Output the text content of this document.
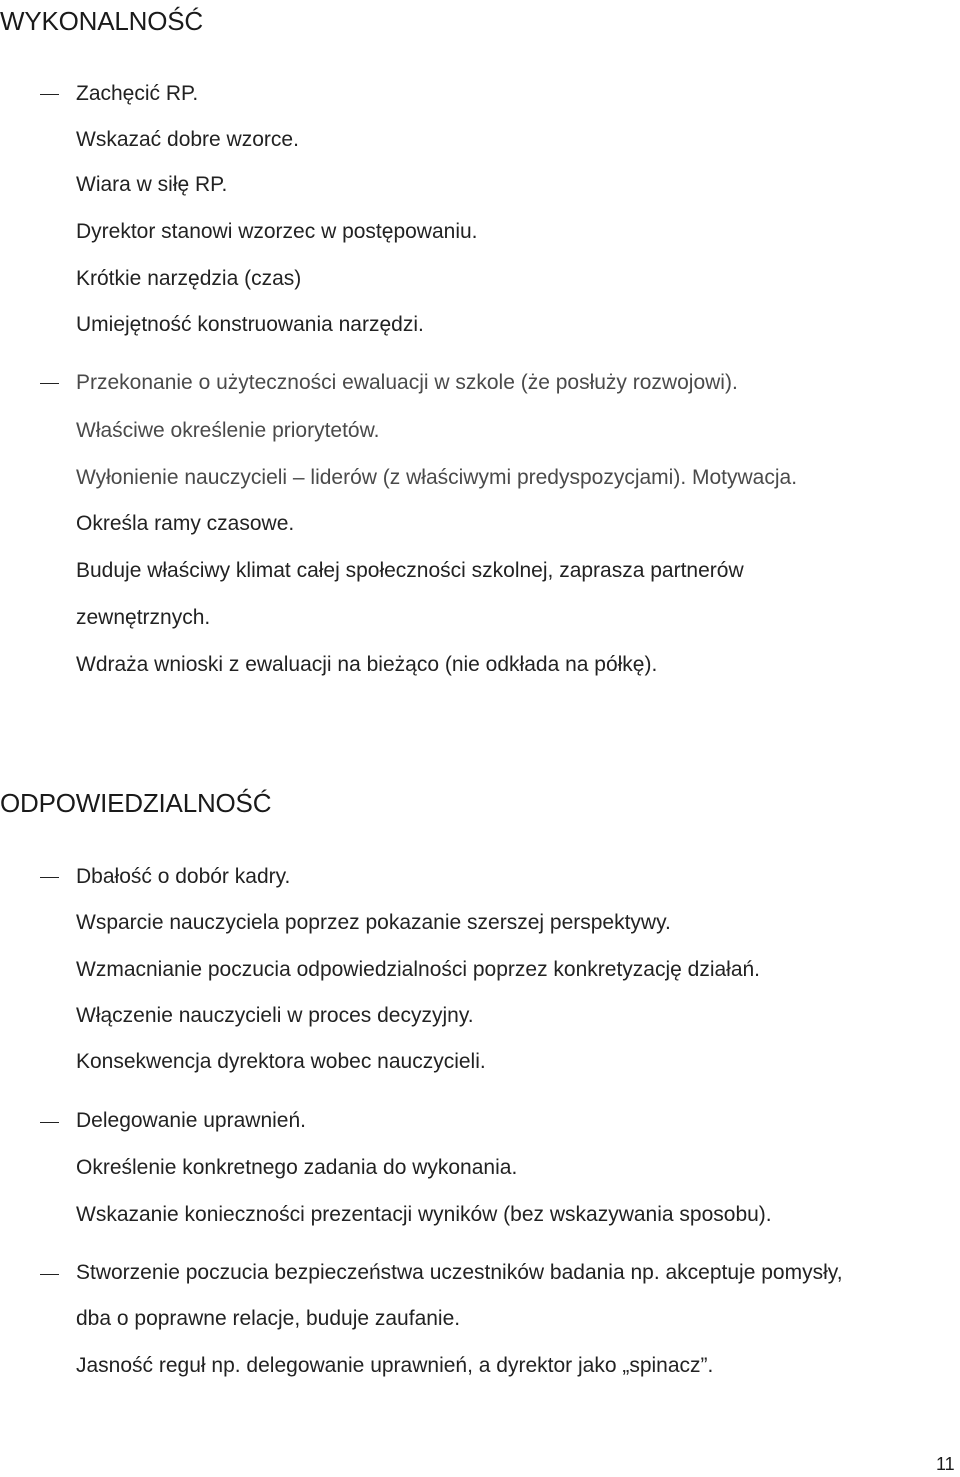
WYKONALNOŚĆ
Zachęcić RP.
Wskazać dobre wzorce.
Wiara w siłę RP.
Dyrektor stanowi wzorzec w postępowaniu.
Krótkie narzędzia (czas)
Umiejętność konstruowania narzędzi.
Przekonanie o użyteczności ewaluacji w szkole (że posłuży rozwojowi).
Właściwe określenie priorytetów.
Wyłonienie nauczycieli – liderów (z właściwymi predyspozycjami). Motywacja.
Określa ramy czasowe.
Buduje właściwy klimat całej społeczności szkolnej, zaprasza partnerów
zewnętrznych.
Wdraża wnioski z ewaluacji na bieżąco (nie odkłada na półkę).
ODPOWIEDZIALNOŚĆ
Dbałość o dobór kadry.
Wsparcie nauczyciela poprzez pokazanie szerszej perspektywy.
Wzmacnianie poczucia odpowiedzialności poprzez konkretyzację działań.
Włączenie nauczycieli w proces decyzyjny.
Konsekwencja dyrektora wobec nauczycieli.
Delegowanie uprawnień.
Określenie konkretnego zadania do wykonania.
Wskazanie konieczności prezentacji wyników (bez wskazywania sposobu).
Stworzenie poczucia bezpieczeństwa uczestników badania np. akceptuje pomysły,
dba o poprawne relacje, buduje zaufanie.
Jasność reguł np. delegowanie uprawnień, a dyrektor jako „spinacz”.
11
